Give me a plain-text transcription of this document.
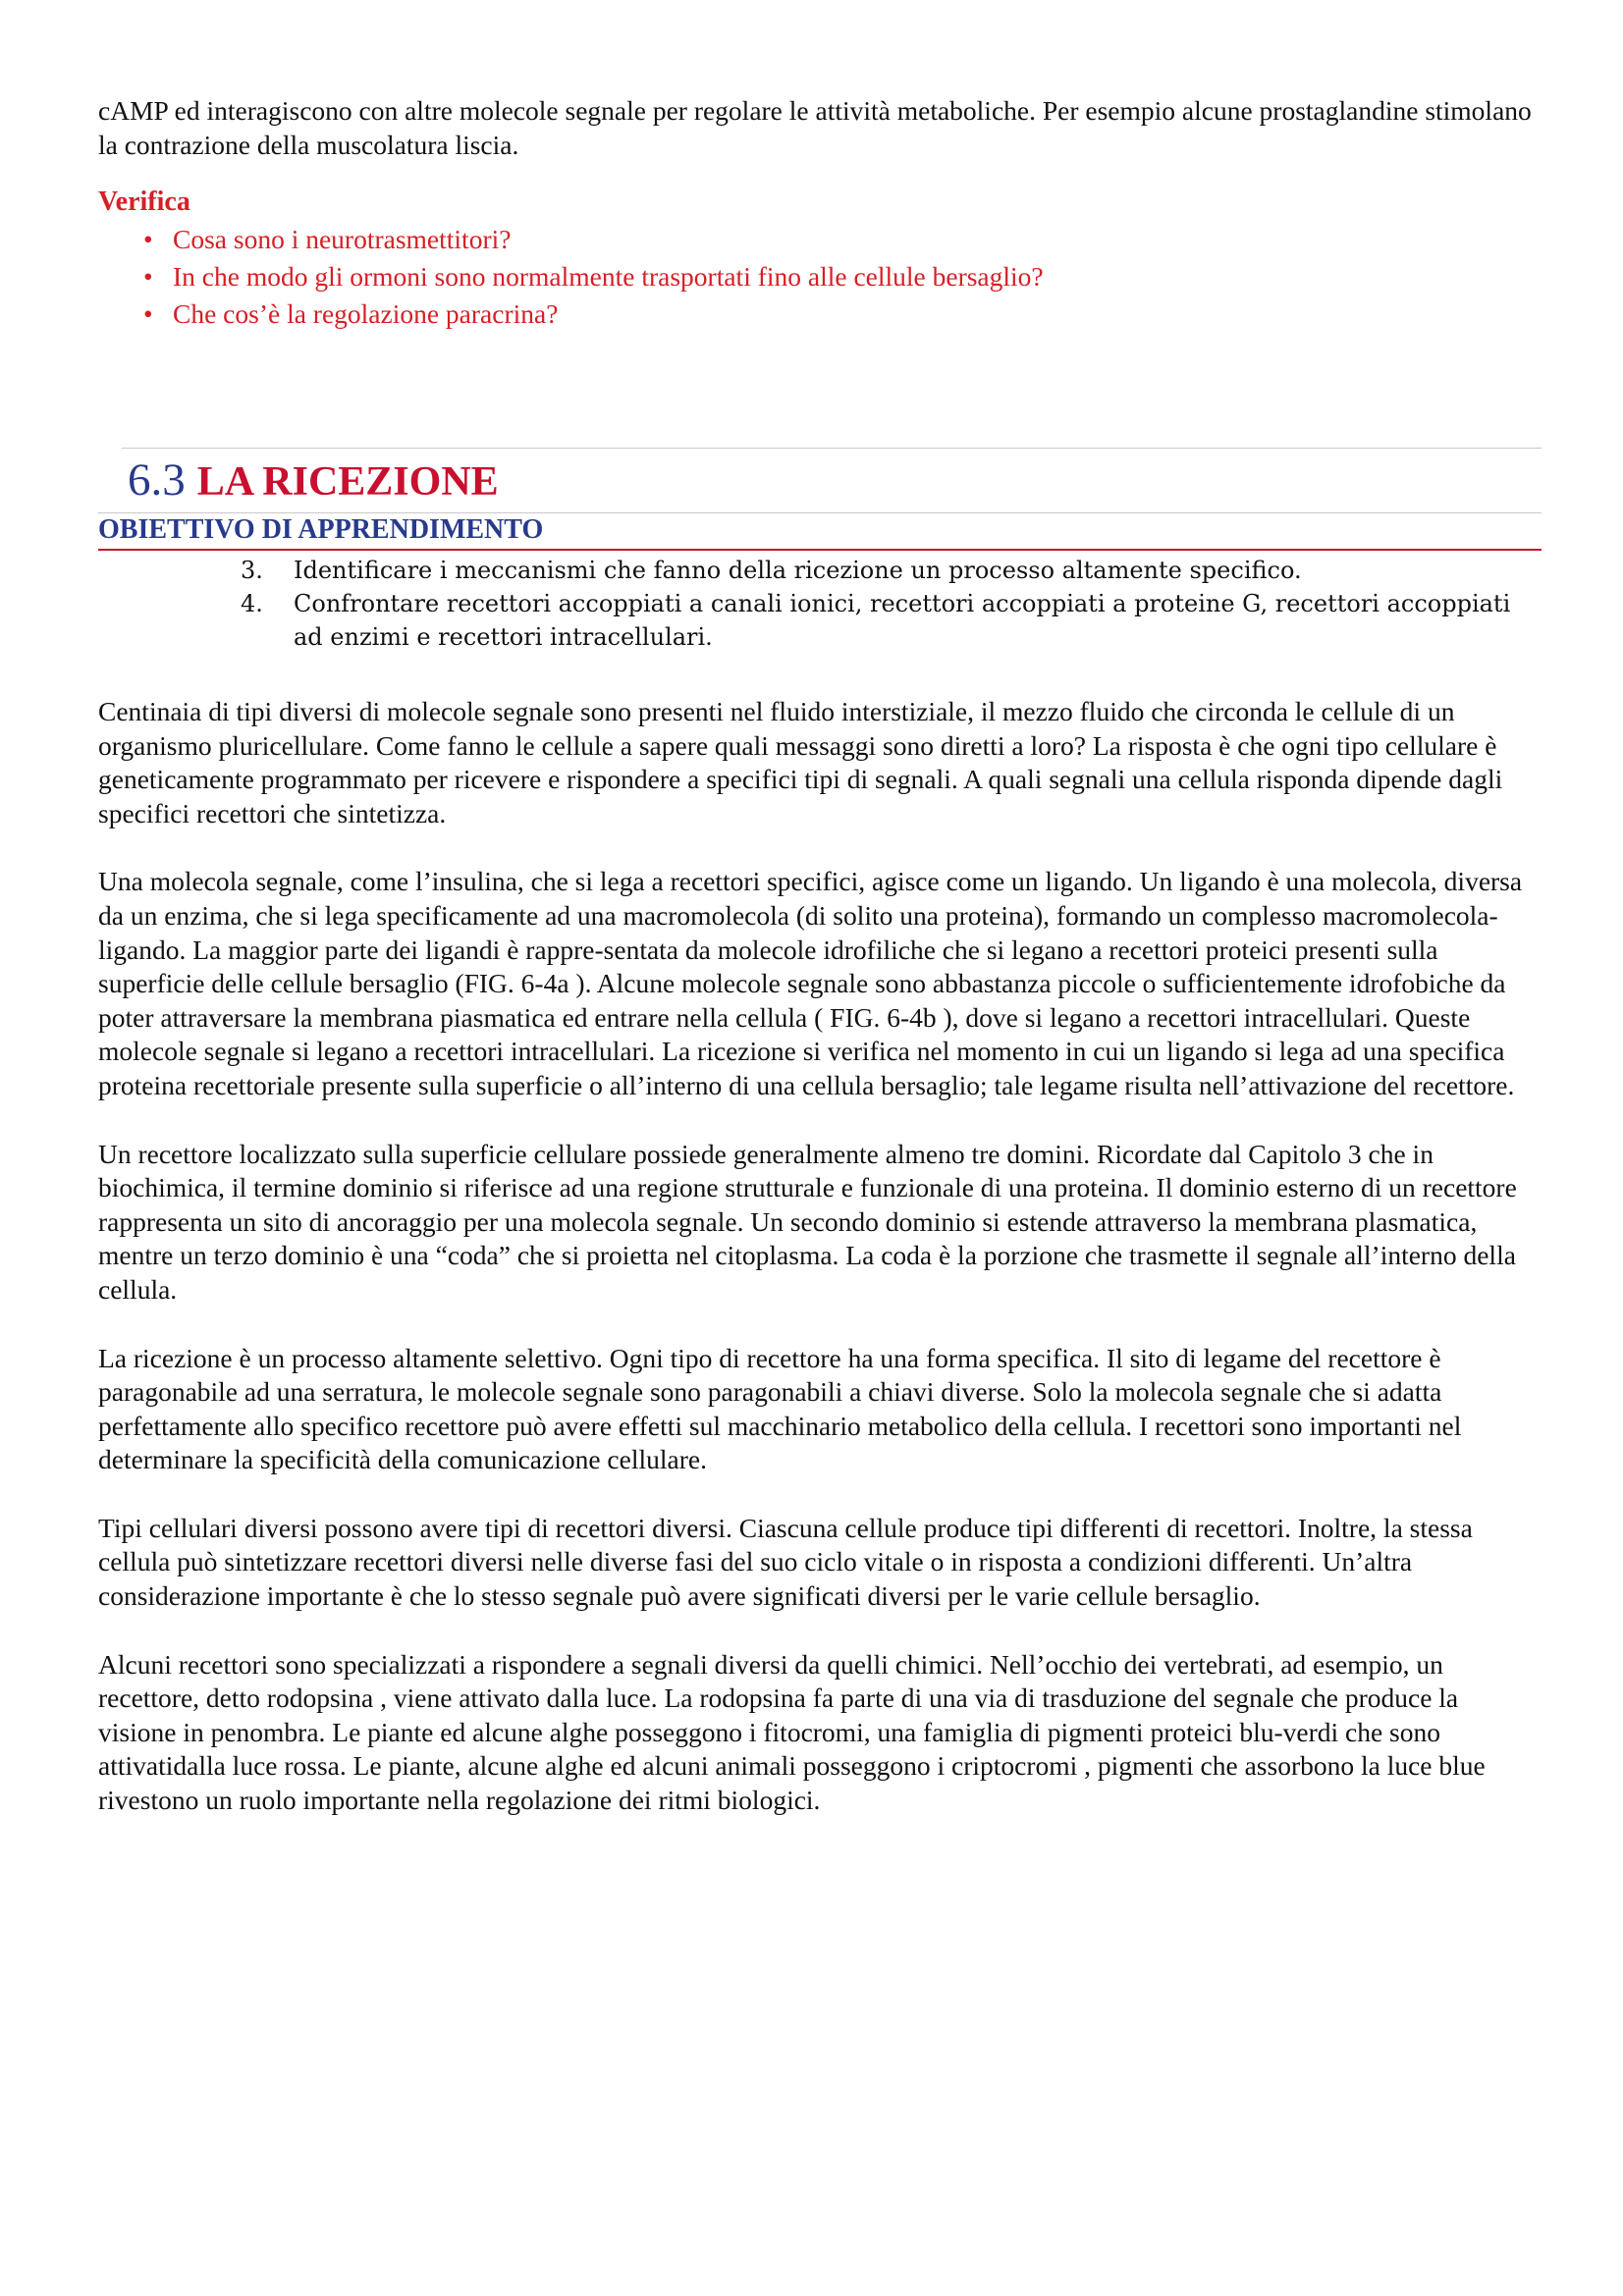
cAMP ed interagiscono con altre molecole segnale per regolare le attività metaboliche. Per esempio alcune prostaglandine stimolano la contrazione della muscolatura liscia.

Verifica

• Cosa sono i neurotrasmettitori?
• In che modo gli ormoni sono normalmente trasportati fino alle cellule bersaglio?
• Che cos’è la regolazione paracrina?
6.3 LA RICEZIONE

OBIETTIVO DI APPRENDIMENTO

3. Identificare i meccanismi che fanno della ricezione un processo altamente specifico.
4. Confrontare recettori accoppiati a canali ionici, recettori accoppiati a proteine G, recettori accoppiati ad enzimi e recettori intracellulari.

Centinaia di tipi diversi di molecole segnale sono presenti nel fluido interstiziale, il mezzo fluido che circonda le cellule di un organismo pluricellulare. Come fanno le cellule a sapere quali messaggi sono diretti a loro? La risposta è che ogni tipo cellulare è geneticamente programmato per ricevere e rispondere a specifici tipi di segnali. A quali segnali una cellula risponda dipende dagli specifici recettori che sintetizza.

Una molecola segnale, come l’insulina, che si lega a recettori specifici, agisce come un ligando. Un ligando è una molecola, diversa da un enzima, che si lega specificamente ad una macromolecola (di solito una proteina), formando un complesso macromolecola-ligando. La maggior parte dei ligandi è rappre-sentata da molecole idrofiliche che si legano a recettori proteici presenti sulla superficie delle cellule bersaglio (FIG. 6-4a ). Alcune molecole segnale sono abbastanza piccole o sufficientemente idrofobiche da poter attraversare la membrana piasmatica ed entrare nella cellula ( FIG. 6-4b ), dove si legano a recettori intracellulari. Queste molecole segnale si legano a recettori intracellulari. La ricezione si verifica nel momento in cui un ligando si lega ad una specifica proteina recettoriale presente sulla superficie o all’interno di una cellula bersaglio; tale legame risulta nell’attivazione del recettore.

Un recettore localizzato sulla superficie cellulare possiede generalmente almeno tre domini. Ricordate dal Capitolo 3 che in biochimica, il termine dominio si riferisce ad una regione strutturale e funzionale di una proteina. Il dominio esterno di un recettore rappresenta un sito di ancoraggio per una molecola segnale. Un secondo dominio si estende attraverso la membrana plasmatica, mentre un terzo dominio è una “coda” che si proietta nel citoplasma. La coda è la porzione che trasmette il segnale all’interno della cellula.

La ricezione è un processo altamente selettivo. Ogni tipo di recettore ha una forma specifica. Il sito di legame del recettore è paragonabile ad una serratura, le molecole segnale sono paragonabili a chiavi diverse. Solo la molecola segnale che si adatta perfettamente allo specifico recettore può avere effetti sul macchinario metabolico della cellula. I recettori sono importanti nel determinare la specificità della comunicazione cellulare.

Tipi cellulari diversi possono avere tipi di recettori diversi. Ciascuna cellule produce tipi differenti di recettori. Inoltre, la stessa cellula può sintetizzare recettori diversi nelle diverse fasi del suo ciclo vitale o in risposta a condizioni differenti. Un’altra considerazione importante è che lo stesso segnale può avere significati diversi per le varie cellule bersaglio.

Alcuni recettori sono specializzati a rispondere a segnali diversi da quelli chimici. Nell’occhio dei vertebrati, ad esempio, un recettore, detto rodopsina , viene attivato dalla luce. La rodopsina fa parte di una via di trasduzione del segnale che produce la visione in penombra. Le piante ed alcune alghe posseggono i fitocromi, una famiglia di pigmenti proteici blu-verdi che sono attivatidalla luce rossa. Le piante, alcune alghe ed alcuni animali posseggono i criptocromi , pigmenti che assorbono la luce blue rivestono un ruolo importante nella regolazione dei ritmi biologici.
